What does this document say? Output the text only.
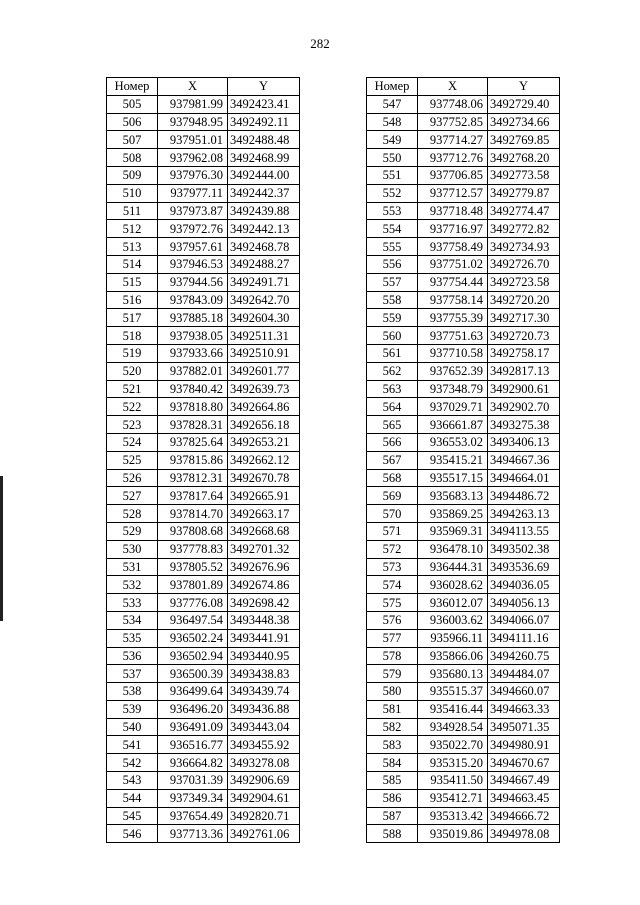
282
Номер	X	Y
505	937981.99	3492423.41
506	937948.95	3492492.11
507	937951.01	3492488.48
508	937962.08	3492468.99
509	937976.30	3492444.00
510	937977.11	3492442.37
511	937973.87	3492439.88
512	937972.76	3492442.13
513	937957.61	3492468.78
514	937946.53	3492488.27
515	937944.56	3492491.71
516	937843.09	3492642.70
517	937885.18	3492604.30
518	937938.05	3492511.31
519	937933.66	3492510.91
520	937882.01	3492601.77
521	937840.42	3492639.73
522	937818.80	3492664.86
523	937828.31	3492656.18
524	937825.64	3492653.21
525	937815.86	3492662.12
526	937812.31	3492670.78
527	937817.64	3492665.91
528	937814.70	3492663.17
529	937808.68	3492668.68
530	937778.83	3492701.32
531	937805.52	3492676.96
532	937801.89	3492674.86
533	937776.08	3492698.42
534	936497.54	3493448.38
535	936502.24	3493441.91
536	936502.94	3493440.95
537	936500.39	3493438.83
538	936499.64	3493439.74
539	936496.20	3493436.88
540	936491.09	3493443.04
541	936516.77	3493455.92
542	936664.82	3493278.08
543	937031.39	3492906.69
544	937349.34	3492904.61
545	937654.49	3492820.71
546	937713.36	3492761.06
Номер	X	Y
547	937748.06	3492729.40
548	937752.85	3492734.66
549	937714.27	3492769.85
550	937712.76	3492768.20
551	937706.85	3492773.58
552	937712.57	3492779.87
553	937718.48	3492774.47
554	937716.97	3492772.82
555	937758.49	3492734.93
556	937751.02	3492726.70
557	937754.44	3492723.58
558	937758.14	3492720.20
559	937755.39	3492717.30
560	937751.63	3492720.73
561	937710.58	3492758.17
562	937652.39	3492817.13
563	937348.79	3492900.61
564	937029.71	3492902.70
565	936661.87	3493275.38
566	936553.02	3493406.13
567	935415.21	3494667.36
568	935517.15	3494664.01
569	935683.13	3494486.72
570	935869.25	3494263.13
571	935969.31	3494113.55
572	936478.10	3493502.38
573	936444.31	3493536.69
574	936028.62	3494036.05
575	936012.07	3494056.13
576	936003.62	3494066.07
577	935966.11	3494111.16
578	935866.06	3494260.75
579	935680.13	3494484.07
580	935515.37	3494660.07
581	935416.44	3494663.33
582	934928.54	3495071.35
583	935022.70	3494980.91
584	935315.20	3494670.67
585	935411.50	3494667.49
586	935412.71	3494663.45
587	935313.42	3494666.72
588	935019.86	3494978.08
